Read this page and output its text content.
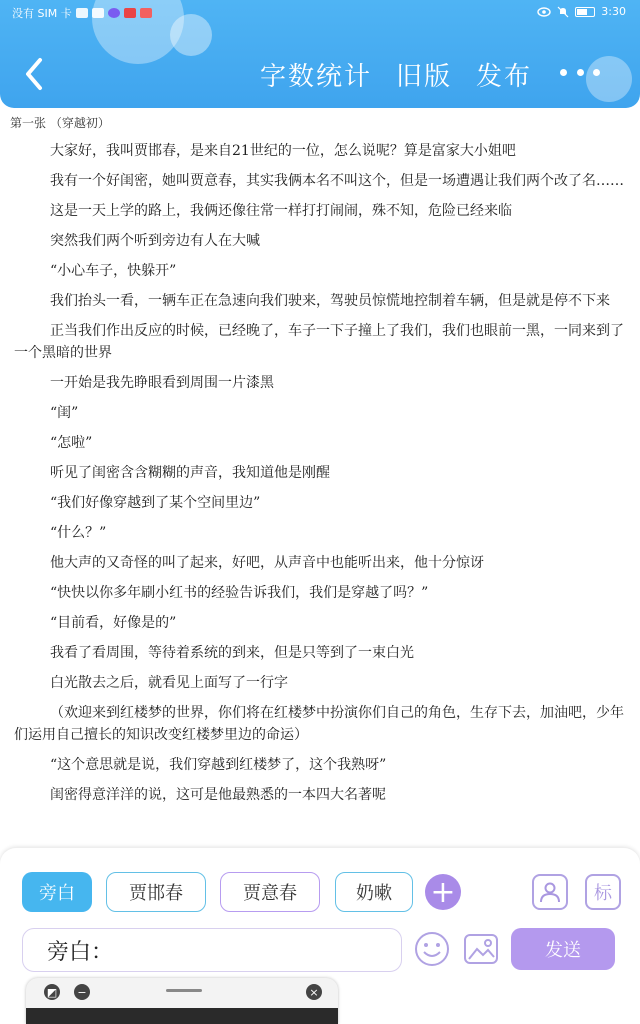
没有 SIM 卡	3:30
字数统计 旧版 发布
第一张 （穿越初）
大家好，我叫贾邯春，是来自21世纪的一位，怎么说呢？算是富家大小姐吧
我有一个好闺密，她叫贾意春，其实我俩本名不叫这个，但是一场遭遇让我们两个改了名……
这是一天上学的路上，我俩还像往常一样打打闹闹，殊不知，危险已经来临
突然我们两个听到旁边有人在大喊
“小心车子，快躲开”
我们抬头一看，一辆车正在急速向我们驶来，驾驶员惊慌地控制着车辆，但是就是停不下来
正当我们作出反应的时候，已经晚了，车子一下子撞上了我们，我们也眼前一黑，一同来到了一个黑暗的世界
一开始是我先睁眼看到周围一片漆黑
“闺”
“怎啦”
听见了闺密含含糊糊的声音，我知道他是刚醒
“我们好像穿越到了某个空间里边”
“什么？”
他大声的又奇怪的叫了起来，好吧，从声音中也能听出来，他十分惊讶
“快快以你多年刷小红书的经验告诉我们，我们是穿越了吗？”
“目前看，好像是的”
我看了看周围，等待着系统的到来，但是只等到了一束白光
白光散去之后，就看见上面写了一行字
（欢迎来到红楼梦的世界，你们将在红楼梦中扮演你们自己的角色，生存下去，加油吧，少年们运用自己擅长的知识改变红楼梦里边的命运）
“这个意思就是说，我们穿越到红楼梦了，这个我熟呀”
闺密得意洋洋的说，这可是他最熟悉的一本四大名著呢
旁白	贾邯春	贾意春	奶嗽	+	标
旁白：	发送
◩	−	×
